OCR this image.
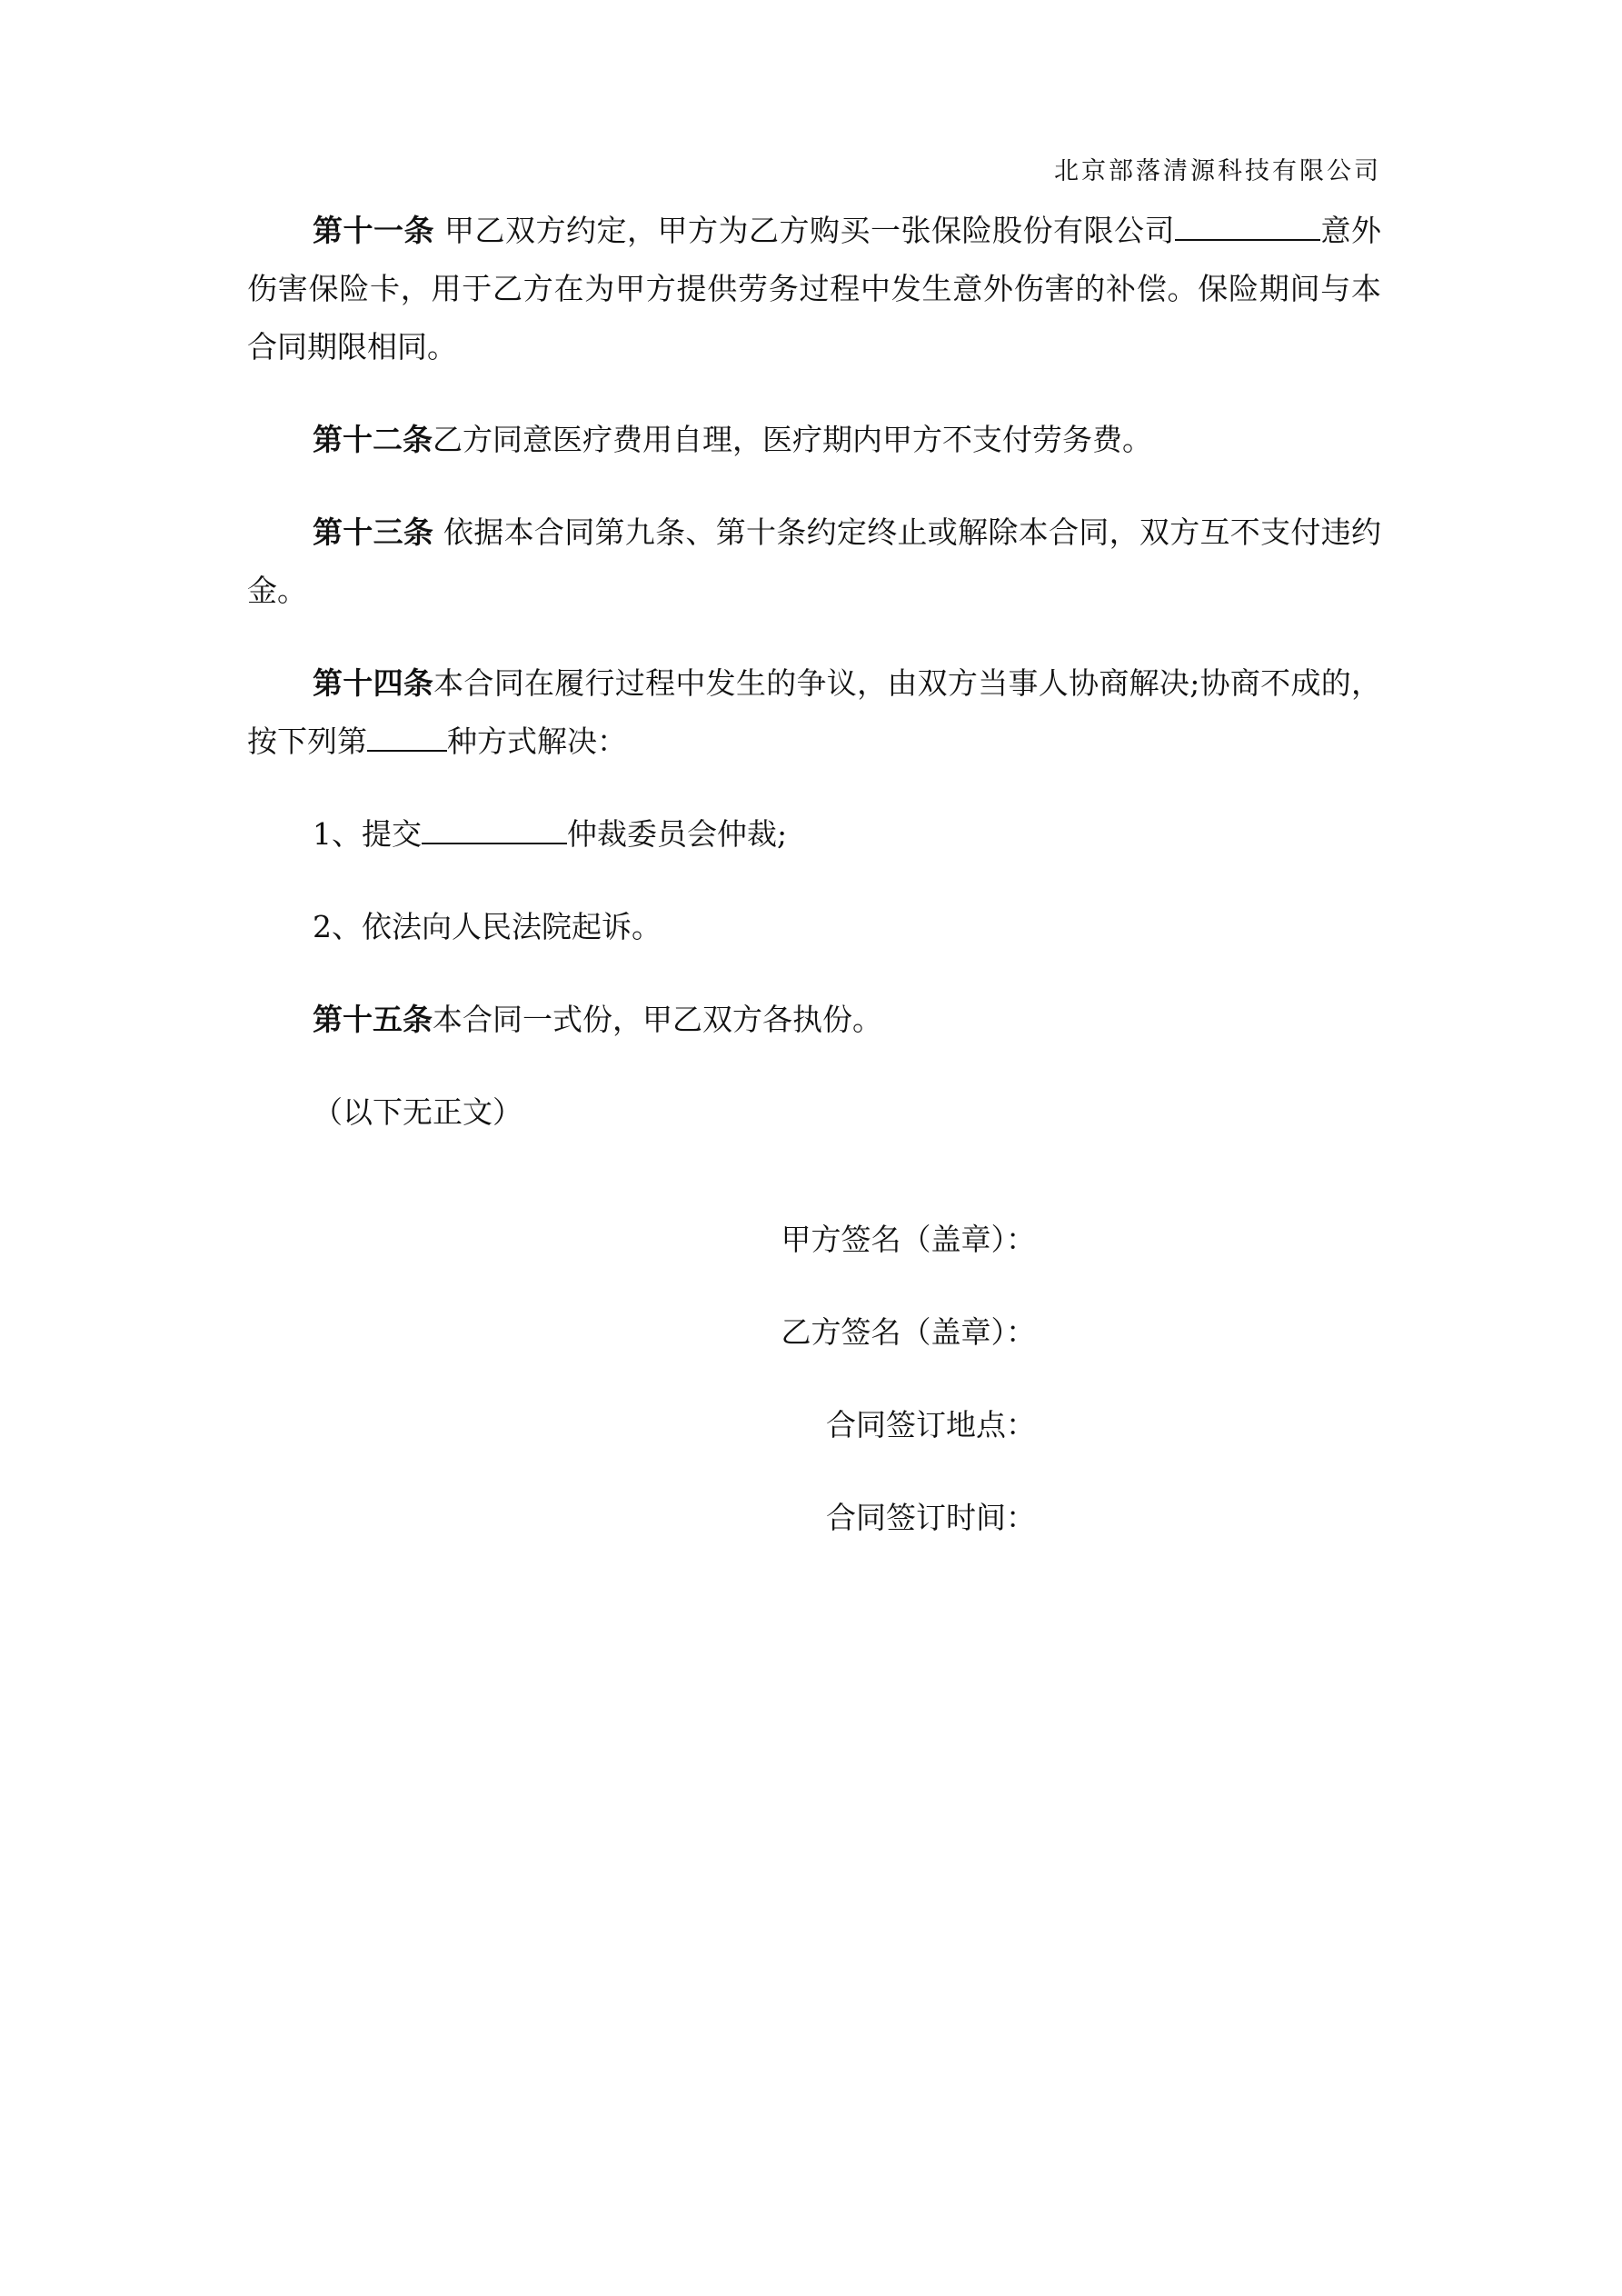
北京部落清源科技有限公司

第十一条 甲乙双方约定，甲方为乙方购买一张保险股份有限公司	意外伤害保险卡，用于乙方在为甲方提供劳务过程中发生意外伤害的补偿。保险期间与本合同期限相同。

第十二条乙方同意医疗费用自理，医疗期内甲方不支付劳务费。

第十三条 依据本合同第九条、第十条约定终止或解除本合同，双方互不支付违约金。

第十四条本合同在履行过程中发生的争议，由双方当事人协商解决;协商不成的，按下列第	种方式解决：

1、提交	仲裁委员会仲裁;

2、依法向人民法院起诉。

第十五条本合同一式份，甲乙双方各执份。

（以下无正文）

甲方签名（盖章）：

乙方签名（盖章）：

合同签订地点：

合同签订时间：
